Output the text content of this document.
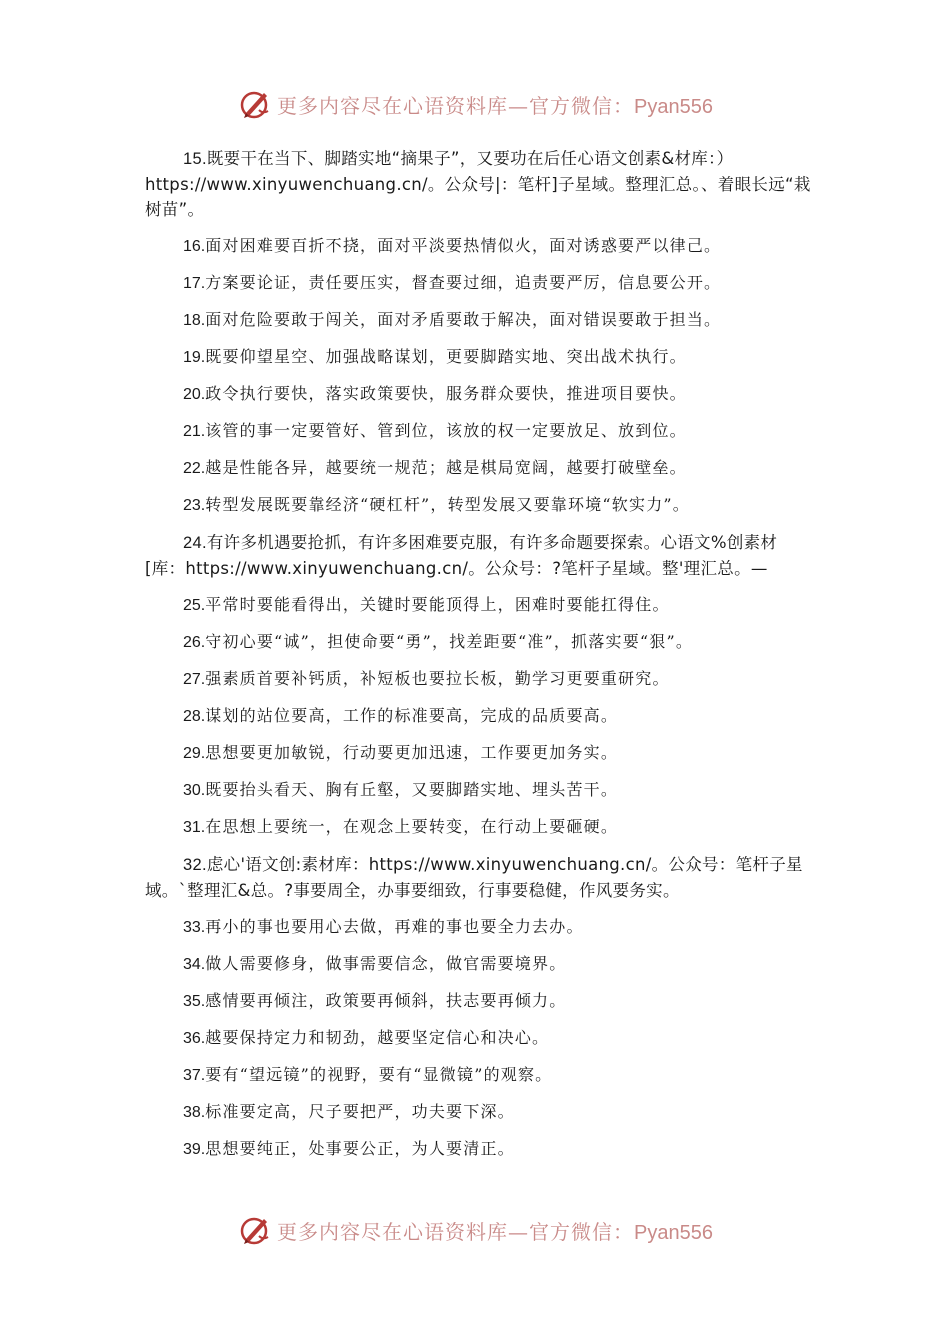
更多内容尽在心语资料库—官方微信：Pyan556

15.既要干在当下、脚踏实地“摘果子”，又要功在后任心语文创素&材库：）https://www.xinyuwenchuang.cn/。公众号|：笔杆]子星域。整理汇总。、着眼长远“栽树苗”。

16.面对困难要百折不挠，面对平淡要热情似火，面对诱惑要严以律己。
17.方案要论证，责任要压实，督查要过细，追责要严厉，信息要公开。
18.面对危险要敢于闯关，面对矛盾要敢于解决，面对错误要敢于担当。
19.既要仰望星空、加强战略谋划，更要脚踏实地、突出战术执行。
20.政令执行要快，落实政策要快，服务群众要快，推进项目要快。
21.该管的事一定要管好、管到位，该放的权一定要放足、放到位。
22.越是性能各异，越要统一规范；越是棋局宽阔，越要打破壁垒。
23.转型发展既要靠经济“硬杠杆”，转型发展又要靠环境“软实力”。

24.有许多机遇要抢抓，有许多困难要克服，有许多命题要探索。心语文%创素材[库：https://www.xinyuwenchuang.cn/。公众号：?笔杆子星域。整'理汇总。—

25.平常时要能看得出，关键时要能顶得上，困难时要能扛得住。
26.守初心要“诚”，担使命要“勇”，找差距要“准”，抓落实要“狠”。
27.强素质首要补钙质，补短板也要拉长板，勤学习更要重研究。
28.谋划的站位要高，工作的标准要高，完成的品质要高。
29.思想要更加敏锐，行动要更加迅速，工作要更加务实。
30.既要抬头看天、胸有丘壑，又要脚踏实地、埋头苦干。
31.在思想上要统一，在观念上要转变，在行动上要砸硬。

32.虑心'语文创:素材库：https://www.xinyuwenchuang.cn/。公众号：笔杆子星域。`整理汇&总。?事要周全，办事要细致，行事要稳健，作风要务实。

33.再小的事也要用心去做，再难的事也要全力去办。
34.做人需要修身，做事需要信念，做官需要境界。
35.感情要再倾注，政策要再倾斜，扶志要再倾力。
36.越要保持定力和韧劲，越要坚定信心和决心。
37.要有“望远镜”的视野，要有“显微镜”的观察。
38.标准要定高，尺子要把严，功夫要下深。
39.思想要纯正，处事要公正，为人要清正。
更多内容尽在心语资料库—官方微信：Pyan556
